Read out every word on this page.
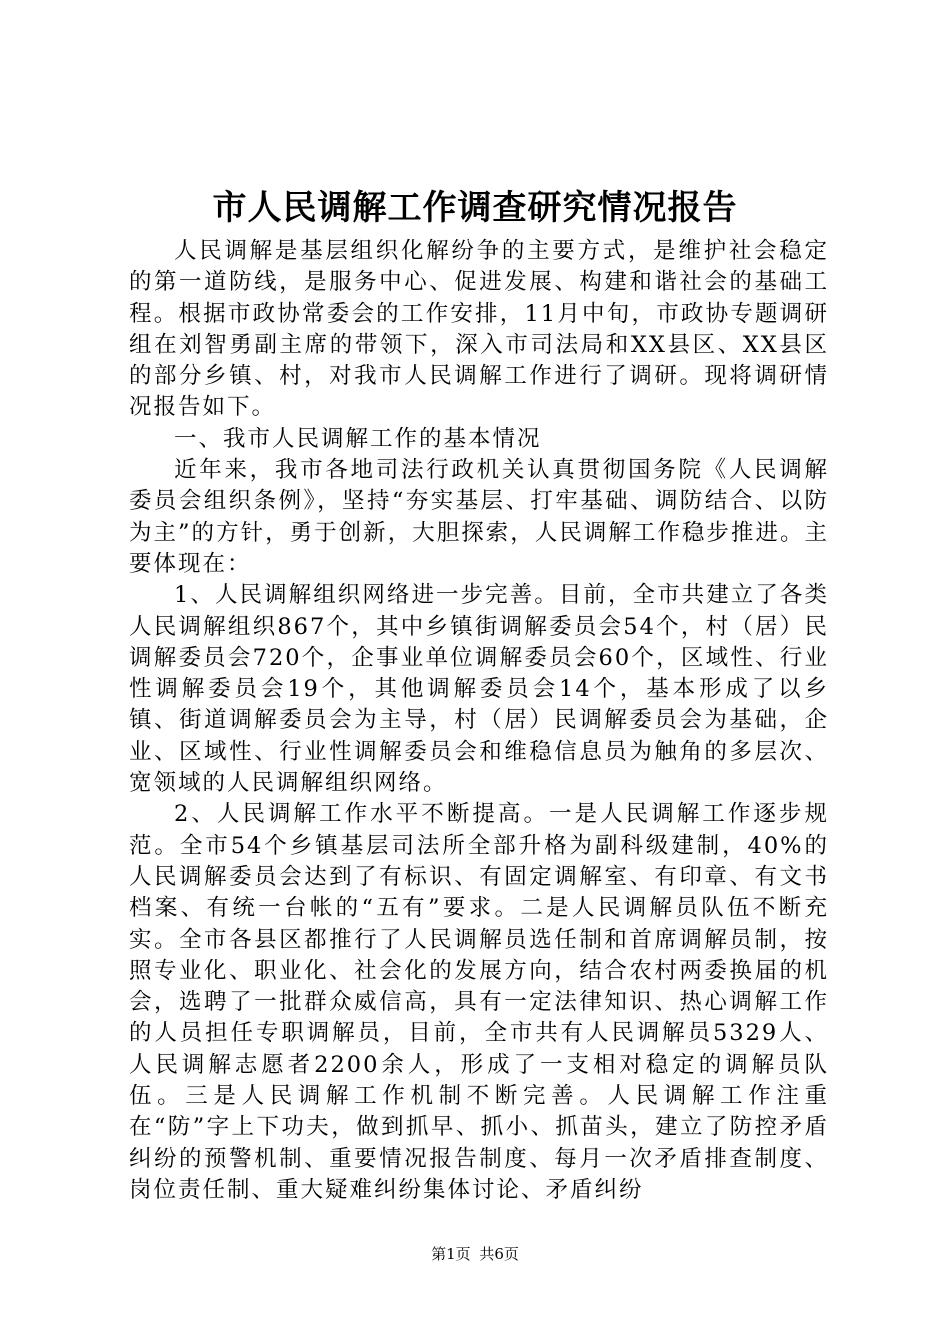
市人民调解工作调查研究情况报告

人民调解是基层组织化解纷争的主要方式，是维护社会稳定的第一道防线，是服务中心、促进发展、构建和谐社会的基础工程。根据市政协常委会的工作安排，11月中旬，市政协专题调研组在刘智勇副主席的带领下，深入市司法局和XX县区、XX县区的部分乡镇、村，对我市人民调解工作进行了调研。现将调研情况报告如下。

一、我市人民调解工作的基本情况

近年来，我市各地司法行政机关认真贯彻国务院《人民调解委员会组织条例》，坚持“夯实基层、打牢基础、调防结合、以防为主”的方针，勇于创新，大胆探索，人民调解工作稳步推进。主要体现在：

1、人民调解组织网络进一步完善。目前，全市共建立了各类人民调解组织867个，其中乡镇街调解委员会54个，村（居）民调解委员会720个，企事业单位调解委员会60个，区域性、行业性调解委员会19个，其他调解委员会14个，基本形成了以乡镇、街道调解委员会为主导，村（居）民调解委员会为基础，企业、区域性、行业性调解委员会和维稳信息员为触角的多层次、宽领域的人民调解组织网络。

2、人民调解工作水平不断提高。一是人民调解工作逐步规范。全市54个乡镇基层司法所全部升格为副科级建制，40%的人民调解委员会达到了有标识、有固定调解室、有印章、有文书档案、有统一台帐的“五有”要求。二是人民调解员队伍不断充实。全市各县区都推行了人民调解员选任制和首席调解员制，按照专业化、职业化、社会化的发展方向，结合农村两委换届的机会，选聘了一批群众威信高，具有一定法律知识、热心调解工作的人员担任专职调解员，目前，全市共有人民调解员5329人、人民调解志愿者2200余人，形成了一支相对稳定的调解员队伍。三是人民调解工作机制不断完善。人民调解工作注重在“防”字上下功夫，做到抓早、抓小、抓苗头，建立了防控矛盾纠纷的预警机制、重要情况报告制度、每月一次矛盾排查制度、岗位责任制、重大疑难纠纷集体讨论、矛盾纠纷

第1页 共6页
